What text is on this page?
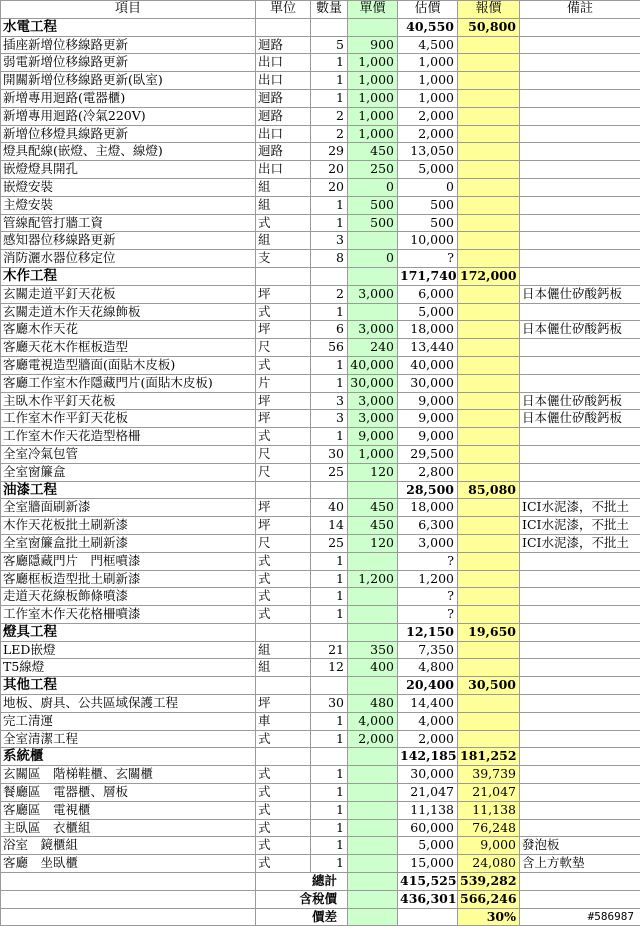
項目	單位	數量	單價	估價	報價	備註
水電工程				40,550	50,800	
插座新增位移線路更新	迴路	5	900	4,500		
弱電新增位移線路更新	出口	1	1,000	1,000		
開關新增位移線路更新(臥室)	出口	1	1,000	1,000		
新增專用迴路(電器櫃)	迴路	1	1,000	1,000		
新增專用迴路(冷氣220V)	迴路	2	1,000	2,000		
新增位移燈具線路更新	出口	2	1,000	2,000		
燈具配線(嵌燈、主燈、線燈)	迴路	29	450	13,050		
嵌燈燈具開孔	出口	20	250	5,000		
嵌燈安裝	組	20	0	0		
主燈安裝	組	1	500	500		
管線配管打牆工資	式	1	500	500		
感知器位移線路更新	組	3		10,000		
消防灑水器位移定位	支	8	0	?		
木作工程				171,740	172,000	
玄關走道平釘天花板	坪	2	3,000	6,000		日本儷仕矽酸鈣板
玄關走道木作天花線飾板	式	1		5,000		
客廳木作天花	坪	6	3,000	18,000		日本儷仕矽酸鈣板
客廳天花木作框板造型	尺	56	240	13,440		
客廳電視造型牆面(面貼木皮板)	式	1	40,000	40,000		
客廳工作室木作隱藏門片(面貼木皮板)	片	1	30,000	30,000		
主臥木作平釘天花板	坪	3	3,000	9,000		日本儷仕矽酸鈣板
工作室木作平釘天花板	坪	3	3,000	9,000		日本儷仕矽酸鈣板
工作室木作天花造型格柵	式	1	9,000	9,000		
全室冷氣包管	尺	30	1,000	29,500		
全室窗簾盒	尺	25	120	2,800		
油漆工程				28,500	85,080	
全室牆面刷新漆	坪	40	450	18,000		ICI水泥漆，不批土
木作天花板批土刷新漆	坪	14	450	6,300		ICI水泥漆，不批土
全室窗簾盒批土刷新漆	尺	25	120	3,000		ICI水泥漆，不批土
客廳隱藏門片　門框噴漆	式	1		?		
客廳框板造型批土刷新漆	式	1	1,200	1,200		
走道天花線板飾條噴漆	式	1		?		
工作室木作天花格柵噴漆	式	1		?		
燈具工程				12,150	19,650	
LED嵌燈	組	21	350	7,350		
T5線燈	組	12	400	4,800		
其他工程				20,400	30,500	
地板、廚具、公共區域保護工程	坪	30	480	14,400		
完工清運	車	1	4,000	4,000		
全室清潔工程	式	1	2,000	2,000		
系統櫃				142,185	181,252	
玄關區　階梯鞋櫃、玄關櫃	式	1		30,000	39,739	
餐廳區　電器櫃、層板	式	1		21,047	21,047	
客廳區　電視櫃	式	1		11,138	11,138	
主臥區　衣櫃組	式	1		60,000	76,248	
浴室　鏡櫃組	式	1		5,000	9,000	發泡板
客廳　坐臥櫃	式	1		15,000	24,080	含上方軟墊
	總計			415,525	539,282	
	含稅價			436,301	566,246	
	價差				30%		#586987
